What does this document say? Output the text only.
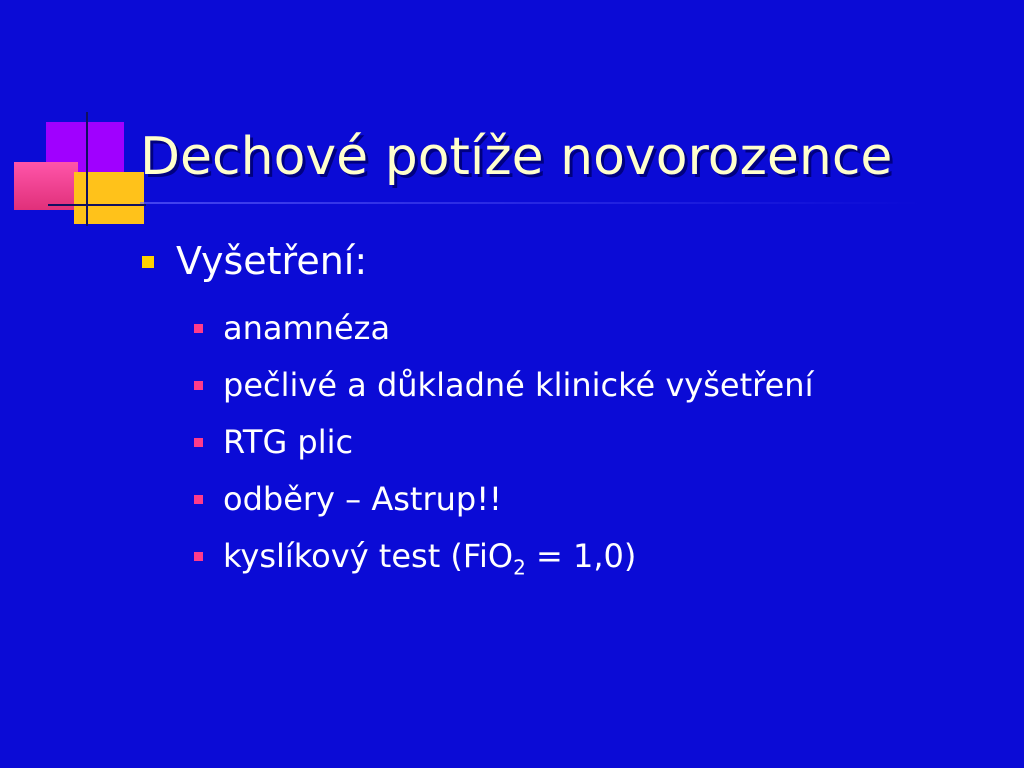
Dechové potíže novorozence
Vyšetření:
anamnéza
pečlivé a důkladné klinické vyšetření
RTG plic
odběry – Astrup!!
kyslíkový test (FiO$_2$ = 1,0)
